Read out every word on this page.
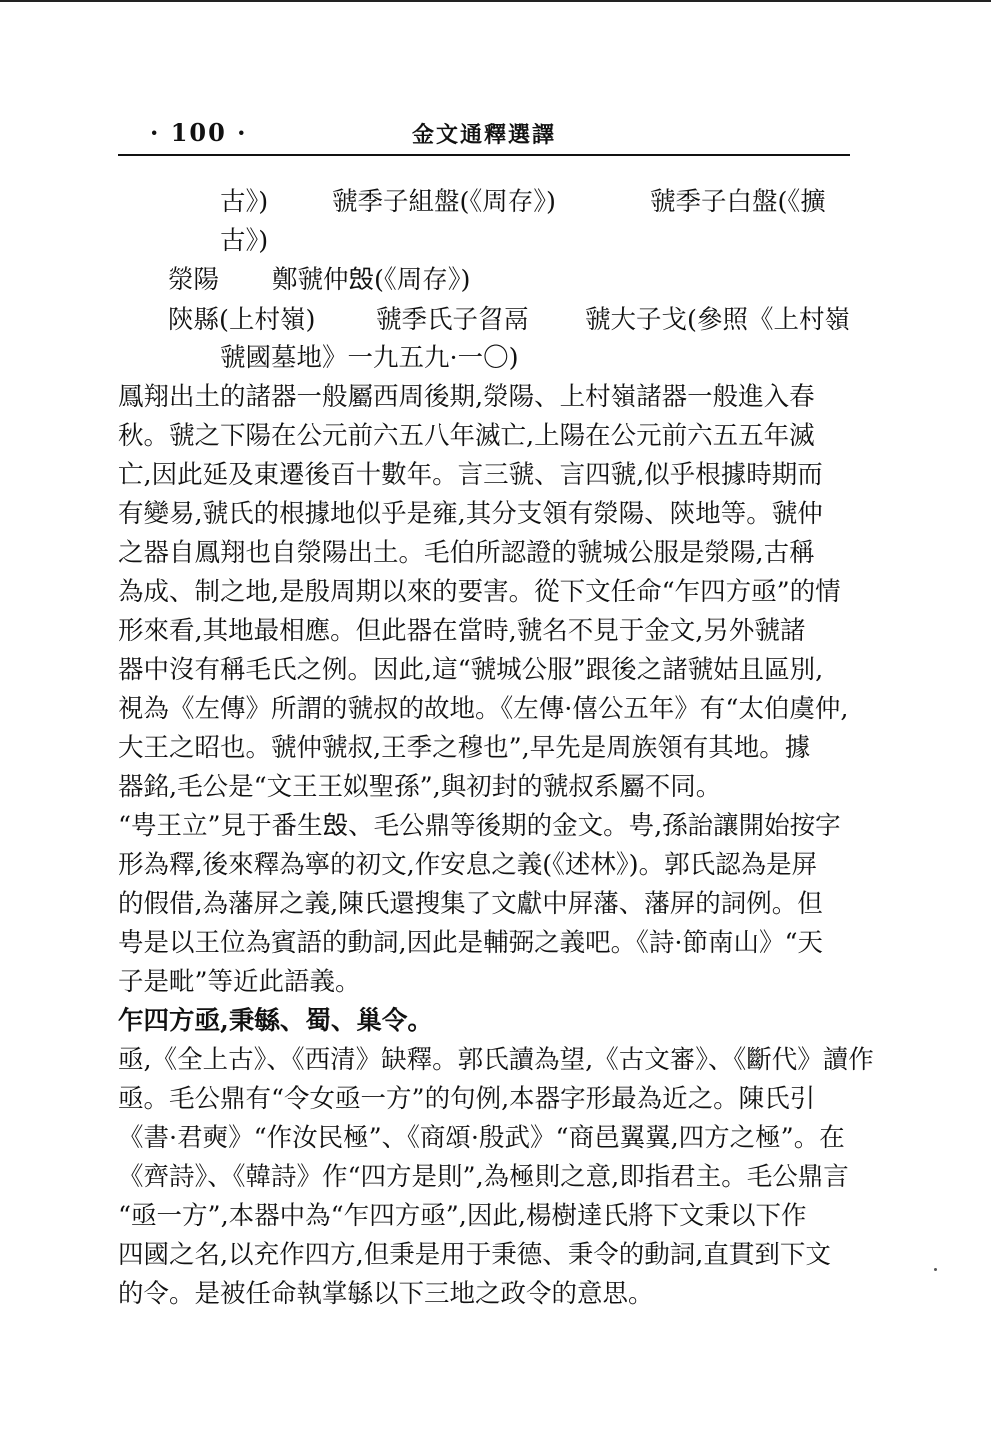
· 100 ·	金文通釋選譯
古》)	虢季子組盤(《周存》)	虢季子白盤(《擴
古》)
滎陽 鄭虢仲𣪕(《周存》)
陝縣(上村嶺) 虢季氏子㫚鬲 虢大子戈(參照《上村嶺
虢國墓地》一九五九·一〇)
鳳翔出土的諸器一般屬西周後期,滎陽、上村嶺諸器一般進入春
秋。虢之下陽在公元前六五八年滅亡,上陽在公元前六五五年滅
亡,因此延及東遷後百十數年。言三虢、言四虢,似乎根據時期而
有變易,虢氏的根據地似乎是雍,其分支領有滎陽、陝地等。虢仲
之器自鳳翔也自滎陽出土。毛伯所認證的虢城公服是滎陽,古稱
為成、制之地,是殷周期以來的要害。從下文任命“乍四方亟”的情
形來看,其地最相應。但此器在當時,虢名不見于金文,另外虢諸
器中沒有稱毛氏之例。因此,這“虢城公服”跟後之諸虢姑且區別,
視為《左傳》所謂的虢叔的故地。《左傳·僖公五年》有“太伯虞仲,
大王之昭也。虢仲虢叔,王季之穆也”,早先是周族領有其地。據
器銘,毛公是“文王王姒聖孫”,與初封的虢叔系屬不同。
“甹王立”見于番生𣪕、毛公鼎等後期的金文。甹,孫詒讓開始按字
形為釋,後來釋為寧的初文,作安息之義(《述林》)。郭氏認為是屏
的假借,為藩屏之義,陳氏還搜集了文獻中屏藩、藩屏的詞例。但
甹是以王位為賓語的動詞,因此是輔弼之義吧。《詩·節南山》“天
子是毗”等近此語義。
乍四方亟,秉緐、蜀、巢令。
亟,《全上古》、《西清》缺釋。郭氏讀為望,《古文審》、《斷代》讀作
亟。毛公鼎有“令女亟一方”的句例,本器字形最為近之。陳氏引
《書·君奭》“作汝民極”、《商頌·殷武》“商邑翼翼,四方之極”。在
《齊詩》、《韓詩》作“四方是則”,為極則之意,即指君主。毛公鼎言
“亟一方”,本器中為“乍四方亟”,因此,楊樹達氏將下文秉以下作
四國之名,以充作四方,但秉是用于秉德、秉令的動詞,直貫到下文
的令。是被任命執掌緐以下三地之政令的意思。
